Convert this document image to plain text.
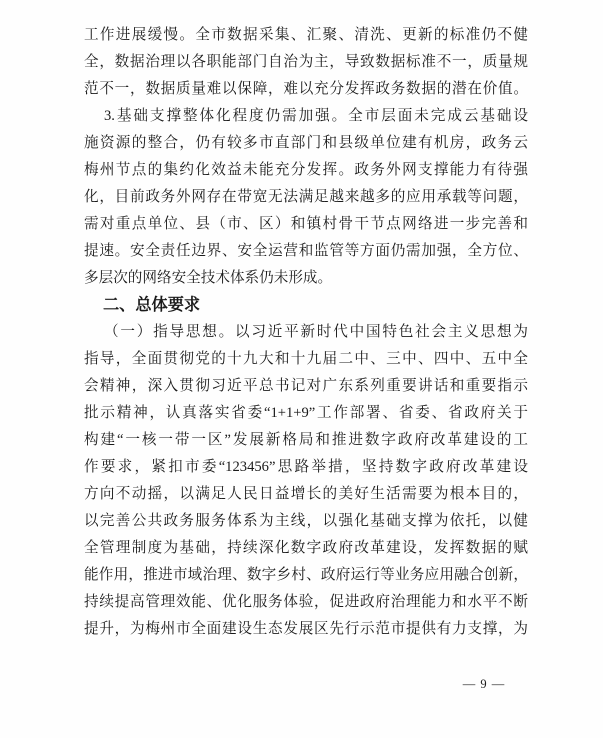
工作进展缓慢。全市数据采集、汇聚、清洗、更新的标准仍不健
全，数据治理以各职能部门自治为主，导致数据标准不一，质量规
范不一，数据质量难以保障，难以充分发挥政务数据的潜在价值。
3.基础支撑整体化程度仍需加强。全市层面未完成云基础设
施资源的整合，仍有较多市直部门和县级单位建有机房，政务云
梅州节点的集约化效益未能充分发挥。政务外网支撑能力有待强
化，目前政务外网存在带宽无法满足越来越多的应用承载等问题，
需对重点单位、县（市、区）和镇村骨干节点网络进一步完善和
提速。安全责任边界、安全运营和监管等方面仍需加强，全方位、
多层次的网络安全技术体系仍未形成。
二、总体要求
（一）指导思想。以习近平新时代中国特色社会主义思想为
指导，全面贯彻党的十九大和十九届二中、三中、四中、五中全
会精神，深入贯彻习近平总书记对广东系列重要讲话和重要指示
批示精神，认真落实省委“1+1+9”工作部署、省委、省政府关于
构建“一核一带一区”发展新格局和推进数字政府改革建设的工
作要求，紧扣市委“123456”思路举措，坚持数字政府改革建设
方向不动摇，以满足人民日益增长的美好生活需要为根本目的，
以完善公共政务服务体系为主线，以强化基础支撑为依托，以健
全管理制度为基础，持续深化数字政府改革建设，发挥数据的赋
能作用，推进市域治理、数字乡村、政府运行等业务应用融合创新，
持续提高管理效能、优化服务体验，促进政府治理能力和水平不断
提升，为梅州市全面建设生态发展区先行示范市提供有力支撑，为
— 9 —
